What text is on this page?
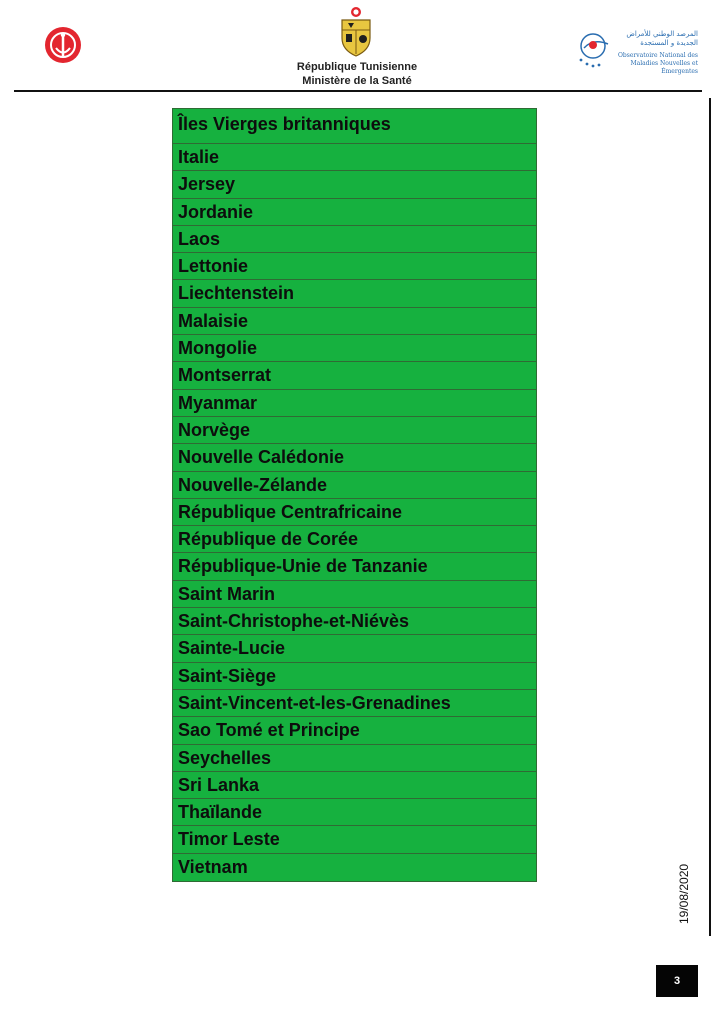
République Tunisienne
Ministère de la Santé
المرصد الوطني للأمراض
الجديدة و المستجدة
Observatoire National des
Maladies Nouvelles et Émergentes
Îles Vierges britanniques
Italie
Jersey
Jordanie
Laos
Lettonie
Liechtenstein
Malaisie
Mongolie
Montserrat
Myanmar
Norvège
Nouvelle Calédonie
Nouvelle-Zélande
République Centrafricaine
République de Corée
République-Unie de Tanzanie
Saint Marin
Saint-Christophe-et-Niévès
Sainte-Lucie
Saint-Siège
Saint-Vincent-et-les-Grenadines
Sao Tomé et Principe
Seychelles
Sri Lanka
Thaïlande
Timor Leste
Vietnam	19/08/2020
3
